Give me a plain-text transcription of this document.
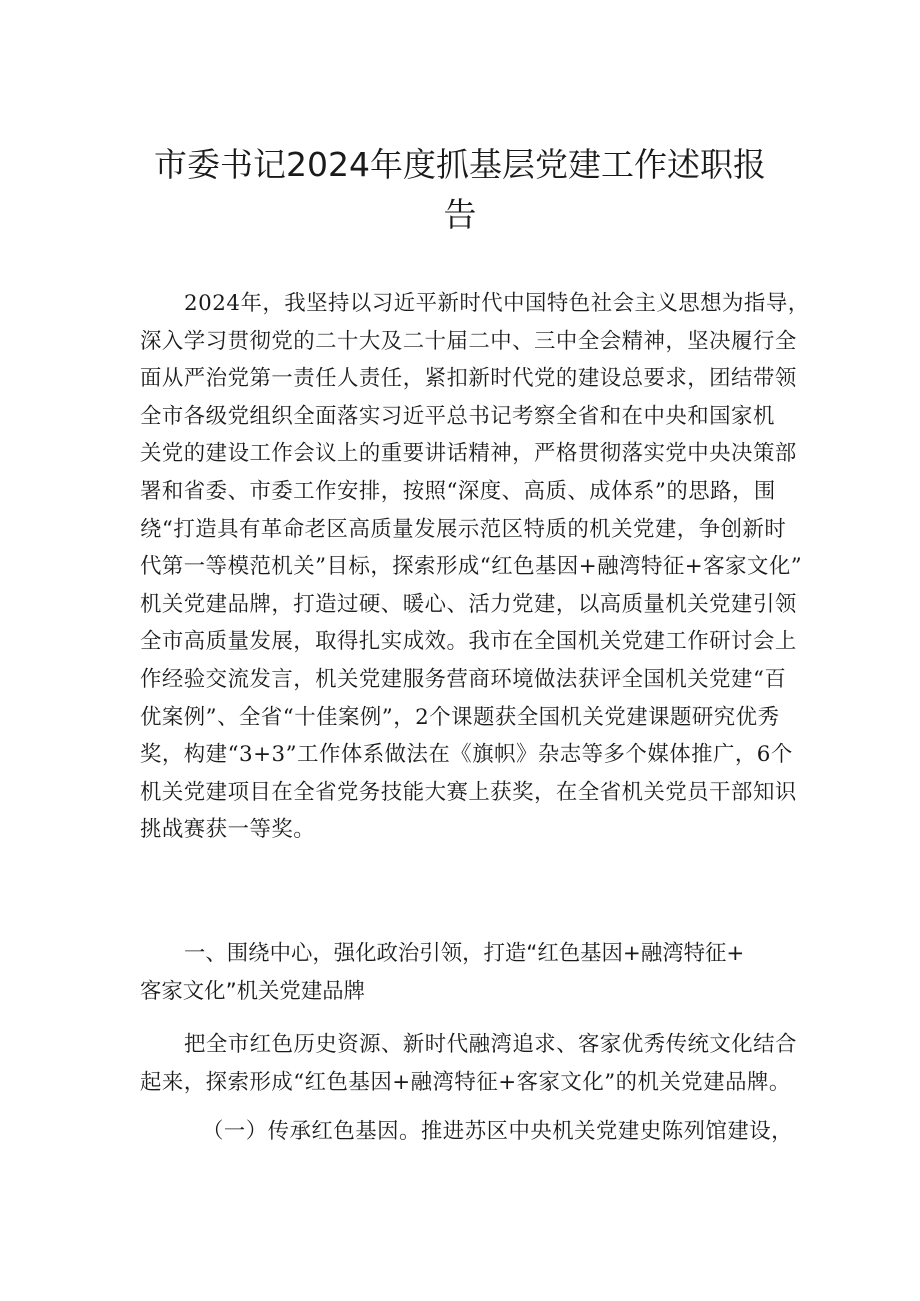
市委书记2024年度抓基层党建工作述职报
告
2024年，我坚持以习近平新时代中国特色社会主义思想为指导，
深入学习贯彻党的二十大及二十届二中、三中全会精神，坚决履行全
面从严治党第一责任人责任，紧扣新时代党的建设总要求，团结带领
全市各级党组织全面落实习近平总书记考察全省和在中央和国家机
关党的建设工作会议上的重要讲话精神，严格贯彻落实党中央决策部
署和省委、市委工作安排，按照“深度、高质、成体系”的思路，围
绕“打造具有革命老区高质量发展示范区特质的机关党建，争创新时
代第一等模范机关”目标，探索形成“红色基因+融湾特征+客家文化”
机关党建品牌，打造过硬、暖心、活力党建，以高质量机关党建引领
全市高质量发展，取得扎实成效。我市在全国机关党建工作研讨会上
作经验交流发言，机关党建服务营商环境做法获评全国机关党建“百
优案例”、全省“十佳案例”，2个课题获全国机关党建课题研究优秀
奖，构建“3+3”工作体系做法在《旗帜》杂志等多个媒体推广，6个
机关党建项目在全省党务技能大赛上获奖，在全省机关党员干部知识
挑战赛获一等奖。
一、围绕中心，强化政治引领，打造“红色基因+融湾特征+
客家文化”机关党建品牌
把全市红色历史资源、新时代融湾追求、客家优秀传统文化结合
起来，探索形成“红色基因+融湾特征+客家文化”的机关党建品牌。
（一）传承红色基因。推进苏区中央机关党建史陈列馆建设，
